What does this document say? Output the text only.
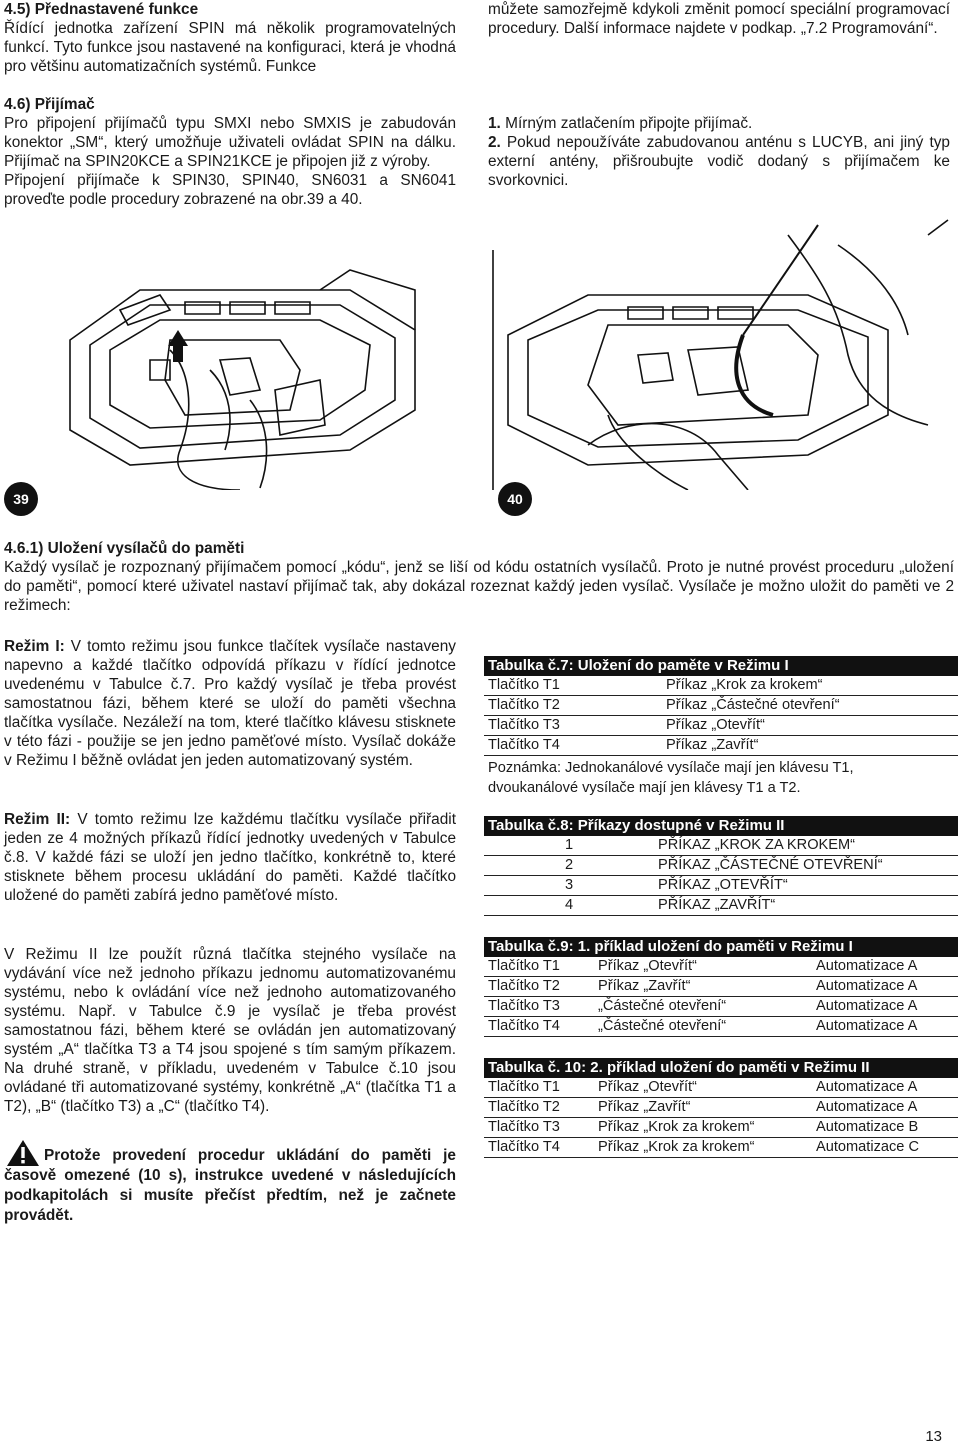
4.5) Přednastavené funkce

Řídící jednotka zařízení SPIN má několik programovatelných funkcí. Tyto funkce jsou nastavené na konfiguraci, která je vhodná pro většinu automatizačních systémů. Funkce

můžete samozřejmě kdykoli změnit pomocí speciální programovací procedury. Další informace najdete v podkap. „7.2 Programování“.

4.6) Přijímač

Pro připojení přijímačů typu SMXI nebo SMXIS je zabudován konektor „SM“, který umožňuje uživateli ovládat SPIN na dálku. Přijímač na SPIN20KCE a SPIN21KCE je připojen již z výroby.

Připojení přijímače k SPIN30, SPIN40, SN6031 a SN6041 proveďte podle procedury zobrazené na obr.39 a 40.

1. Mírným zatlačením připojte přijímač.

2. Pokud nepoužíváte zabudovanou anténu s LUCYB, ani jiný typ externí antény, přišroubujte vodič dodaný s přijímačem ke svorkovnici.

39	40

4.6.1) Uložení vysílačů do paměti

Každý vysílač je rozpoznaný přijímačem pomocí „kódu“, jenž se liší od kódu ostatních vysílačů. Proto je nutné provést proceduru „uložení do paměti“, pomocí které uživatel nastaví přijímač tak, aby dokázal rozeznat každý jeden vysílač. Vysílače je možno uložit do paměti ve 2 režimech:

Režim I: V tomto režimu jsou funkce tlačítek vysílače nastaveny napevno a každé tlačítko odpovídá příkazu v řídící jednotce uvedenému v Tabulce č.7. Pro každý vysílač je třeba provést samostatnou fázi, během které se uloží do paměti všechna tlačítka vysílače. Nezáleží na tom, které tlačítko klávesu stisknete v této fázi - použije se jen jedno paměťové místo. Vysílač dokáže v Režimu I běžně ovládat jen jeden automatizovaný systém.

Režim II: V tomto režimu lze každému tlačítku vysílače přiřadit jeden ze 4 možných příkazů řídící jednotky uvedených v Tabulce č.8. V každé fázi se uloží jen jedno tlačítko, konkrétně to, které stisknete během procesu ukládání do paměti. Každé tlačítko uložené do paměti zabírá jedno paměťové místo.

V Režimu II lze použít různá tlačítka stejného vysílače na vydávání více než jednoho příkazu jednomu automatizovanému systému, nebo k ovládání více než jednoho automatizovaného systému. Např. v Tabulce č.9 je vysílač je třeba provést samostatnou fázi, během které se ovládán jen automatizovaný systém „A“ tlačítka T3 a T4 jsou spojené s tím samým příkazem. Na druhé straně, v příkladu, uvedeném v Tabulce č.10 jsou ovládané tři automatizované systémy, konkrétně „A“ (tlačítka T1 a T2), „B“ (tlačítko T3) a „C“ (tlačítko T4).

Protože provedení procedur ukládání do paměti je časově omezené (10 s), instrukce uvedené v následujících podkapitolách si musíte přečíst předtím, než je začnete provádět.
Tabulka č.7: Uložení do paměte v Režimu I
Tlačítko T1	Příkaz „Krok za krokem“
Tlačítko T2	Příkaz „Částečné otevření“
Tlačítko T3	Příkaz „Otevřít“
Tlačítko T4	Příkaz „Zavřít“
Poznámka: Jednokanálové vysílače mají jen klávesu T1, dvoukanálové vysílače mají jen klávesy T1 a T2.
Tabulka č.8: Příkazy dostupné v Režimu II
1	PŘÍKAZ „KROK ZA KROKEM“
2	PŘÍKAZ „ČÁSTEČNÉ OTEVŘENÍ“
3	PŘÍKAZ „OTEVŘÍT“
4	PŘÍKAZ „ZAVŘÍT“
Tabulka č.9: 1. příklad uložení do paměti v Režimu I
Tlačítko T1	Příkaz „Otevřít“	Automatizace A
Tlačítko T2	Příkaz „Zavřít“	Automatizace A
Tlačítko T3	„Částečné otevření“	Automatizace A
Tlačítko T4	„Částečné otevření“	Automatizace A
Tabulka č. 10: 2. příklad uložení do paměti v Režimu II
Tlačítko T1	Příkaz „Otevřít“	Automatizace A
Tlačítko T2	Příkaz „Zavřít“	Automatizace A
Tlačítko T3	Příkaz „Krok za krokem“	Automatizace B
Tlačítko T4	Příkaz „Krok za krokem“	Automatizace C
13
